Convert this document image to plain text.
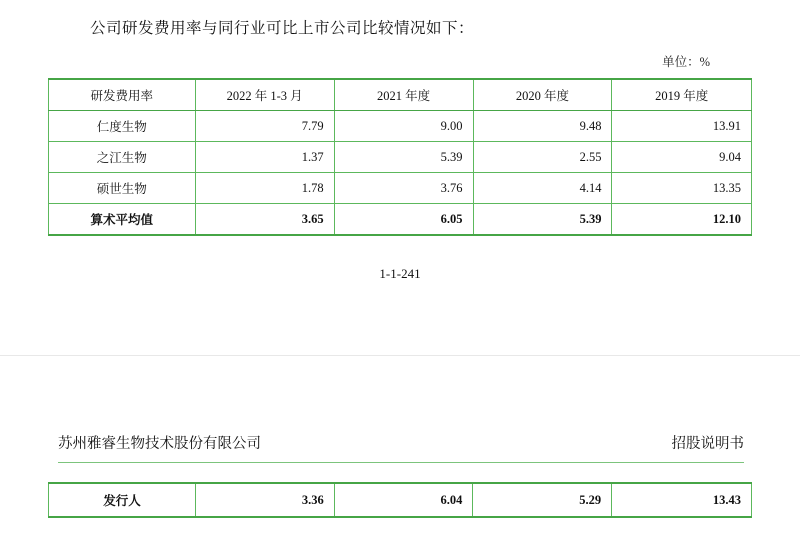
公司研发费用率与同行业可比上市公司比较情况如下：
单位：%
研发费用率	2022 年 1-3 月	2021 年度	2020 年度	2019 年度
仁度生物	7.79	9.00	9.48	13.91
之江生物	1.37	5.39	2.55	9.04
硕世生物	1.78	3.76	4.14	13.35
算术平均值	3.65	6.05	5.39	12.10
1-1-241
苏州雅睿生物技术股份有限公司	招股说明书
发行人	3.36	6.04	5.29	13.43
